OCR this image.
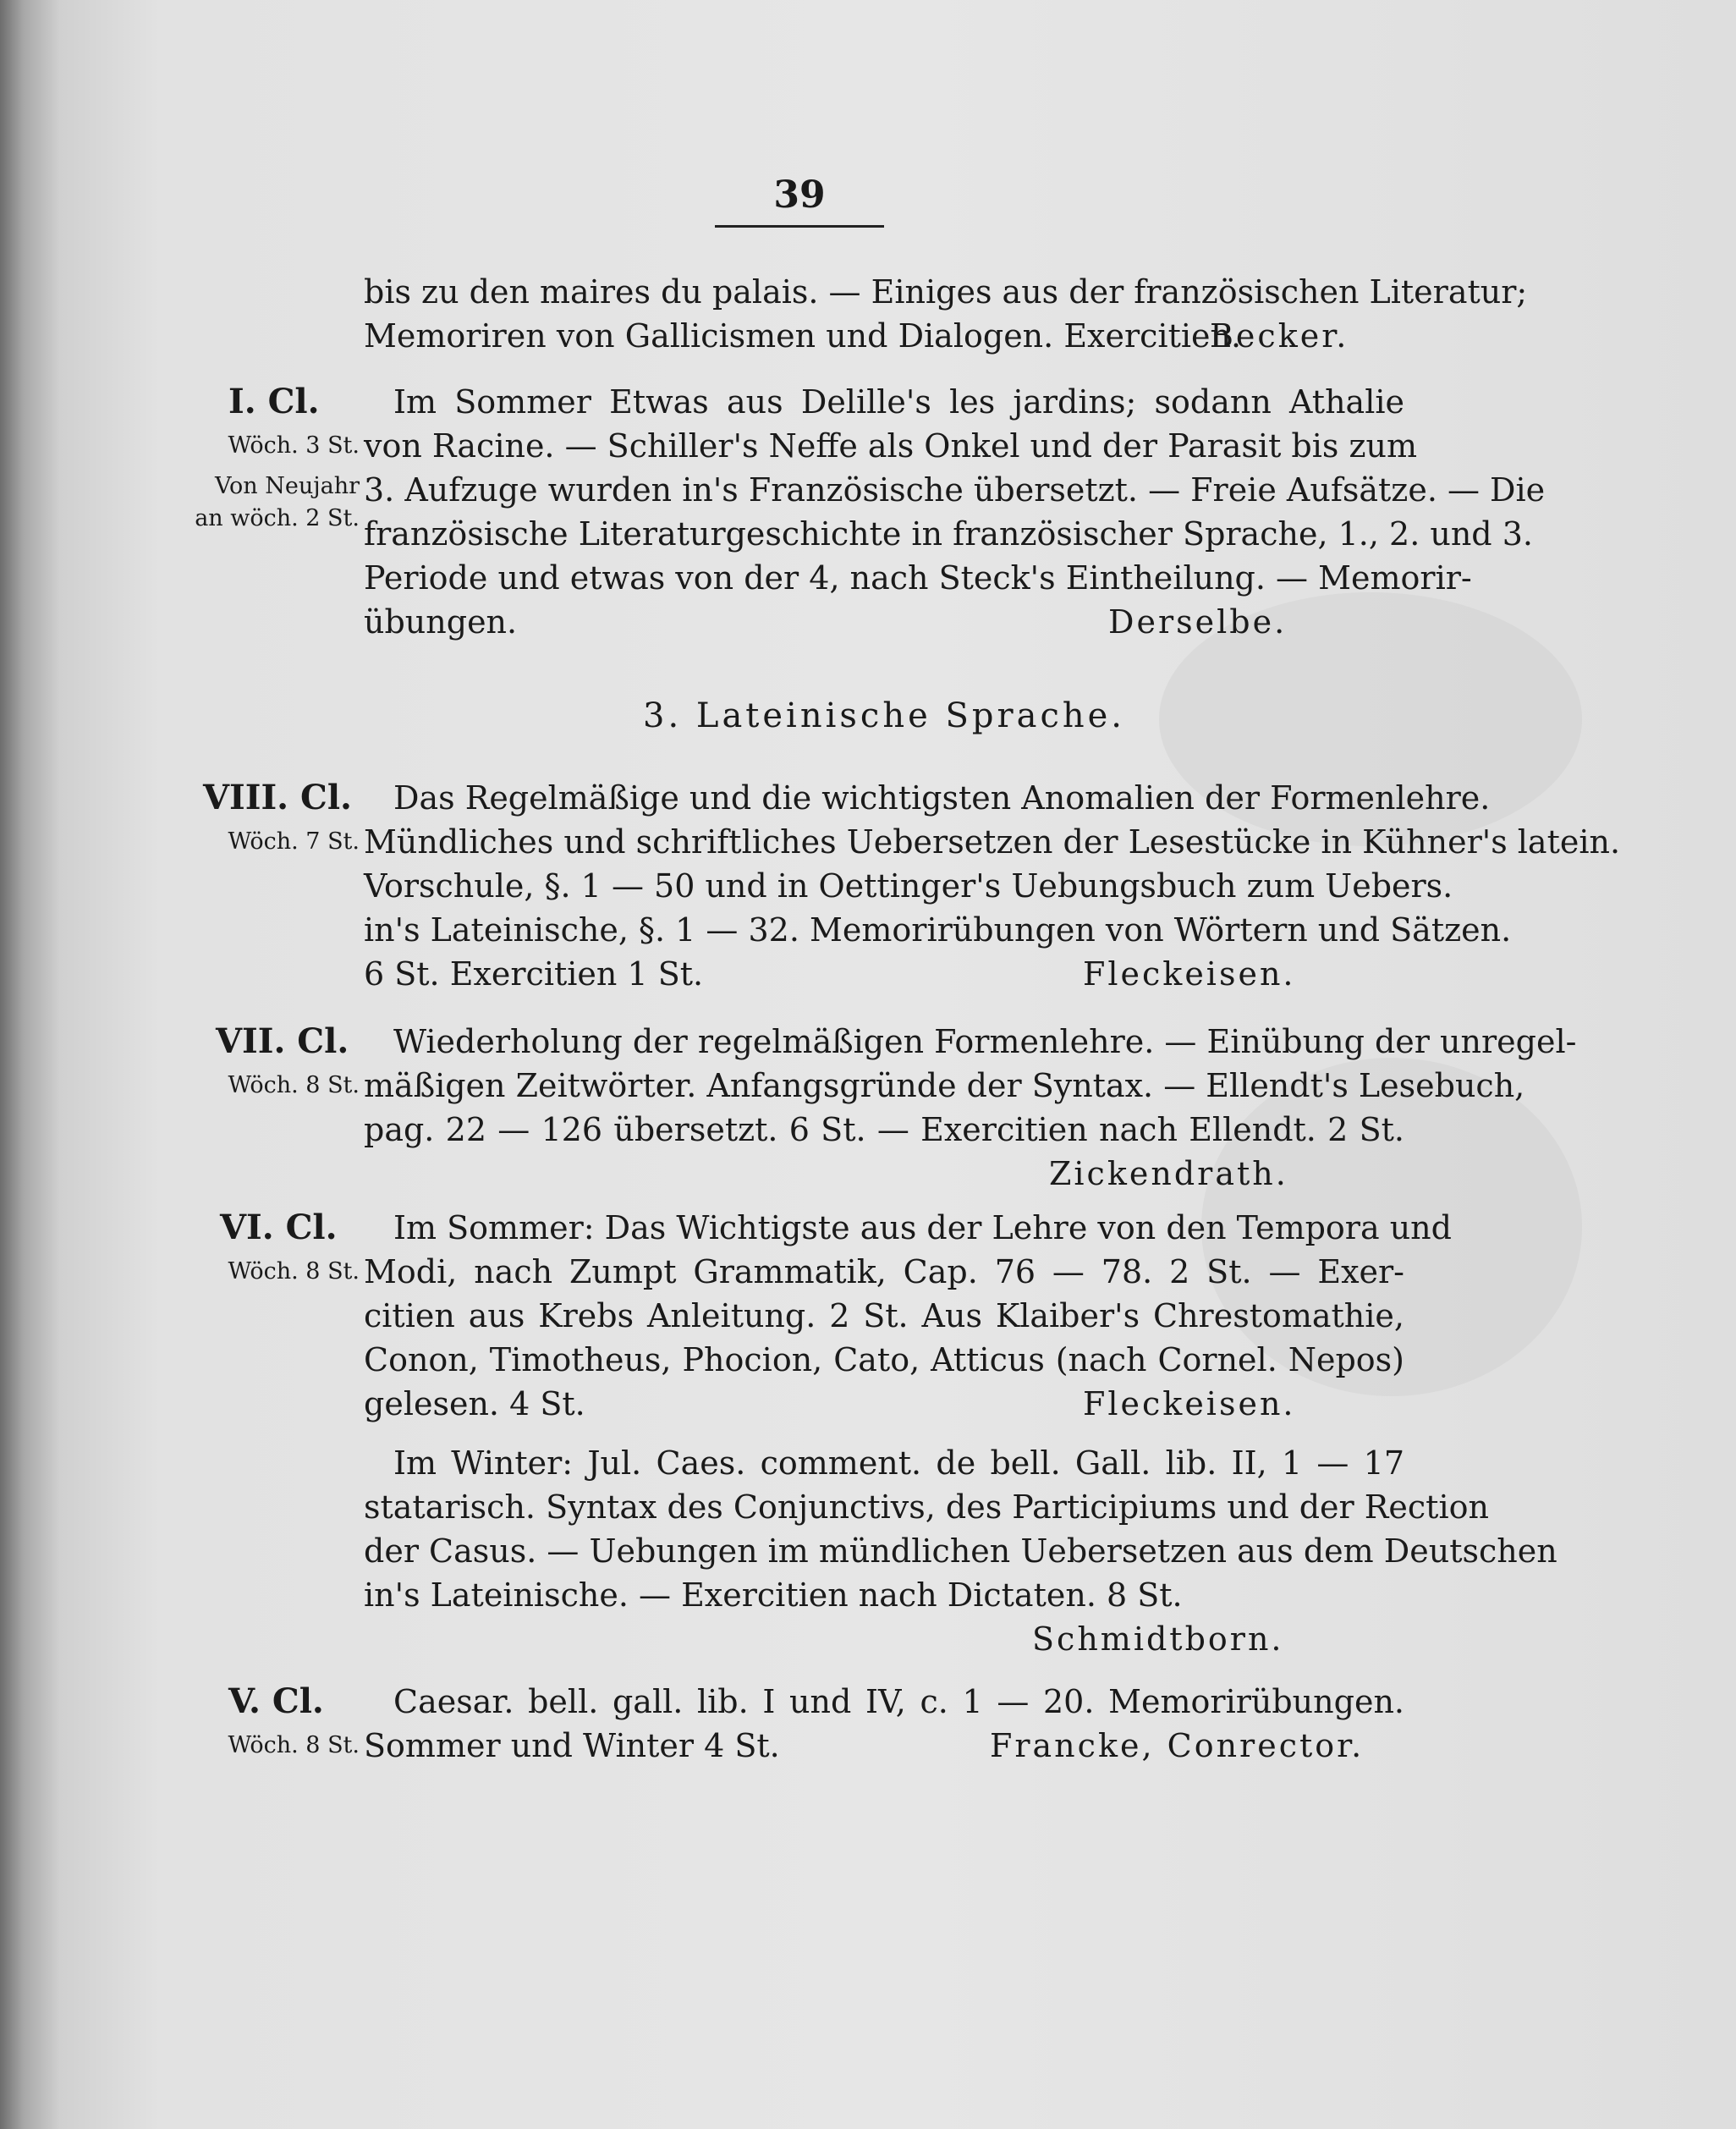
39
bis zu den maires du palais. — Einiges aus der französischen Literatur;
Memoriren von Gallicismen und Dialogen. Exercitien.
Becker.
I. Cl.
Wöch. 3 St.
Von Neujahr
an wöch. 2 St.
Im Sommer Etwas aus Delille's les jardins; sodann Athalie
von Racine. — Schiller's Neffe als Onkel und der Parasit bis zum
3. Aufzuge wurden in's Französische übersetzt. — Freie Aufsätze. — Die
französische Literaturgeschichte in französischer Sprache, 1., 2. und 3.
Periode und etwas von der 4, nach Steck's Eintheilung. — Memorir-
übungen.	Derselbe.
3. Lateinische Sprache.
VIII. Cl.
Wöch. 7 St.
Das Regelmäßige und die wichtigsten Anomalien der Formenlehre.
Mündliches und schriftliches Uebersetzen der Lesestücke in Kühner's latein.
Vorschule, §. 1 — 50 und in Oettinger's Uebungsbuch zum Uebers.
in's Lateinische, §. 1 — 32. Memorirübungen von Wörtern und Sätzen.
6 St. Exercitien 1 St.	Fleckeisen.
VII. Cl.
Wöch. 8 St.
Wiederholung der regelmäßigen Formenlehre. — Einübung der unregel-
mäßigen Zeitwörter. Anfangsgründe der Syntax. — Ellendt's Lesebuch,
pag. 22 — 126 übersetzt. 6 St. — Exercitien nach Ellendt. 2 St.
Zickendrath.
VI. Cl.
Wöch. 8 St.
Im Sommer: Das Wichtigste aus der Lehre von den Tempora und
Modi, nach Zumpt Grammatik, Cap. 76 — 78. 2 St. — Exer-
citien aus Krebs Anleitung. 2 St. Aus Klaiber's Chrestomathie,
Conon, Timotheus, Phocion, Cato, Atticus (nach Cornel. Nepos)
gelesen. 4 St.	Fleckeisen.
Im Winter: Jul. Caes. comment. de bell. Gall. lib. II, 1 — 17
statarisch. Syntax des Conjunctivs, des Participiums und der Rection
der Casus. — Uebungen im mündlichen Uebersetzen aus dem Deutschen
in's Lateinische. — Exercitien nach Dictaten. 8 St.
Schmidtborn.
V. Cl.
Wöch. 8 St.
Caesar. bell. gall. lib. I und IV, c. 1 — 20. Memorirübungen.
Sommer und Winter 4 St.	Francke, Conrector.
